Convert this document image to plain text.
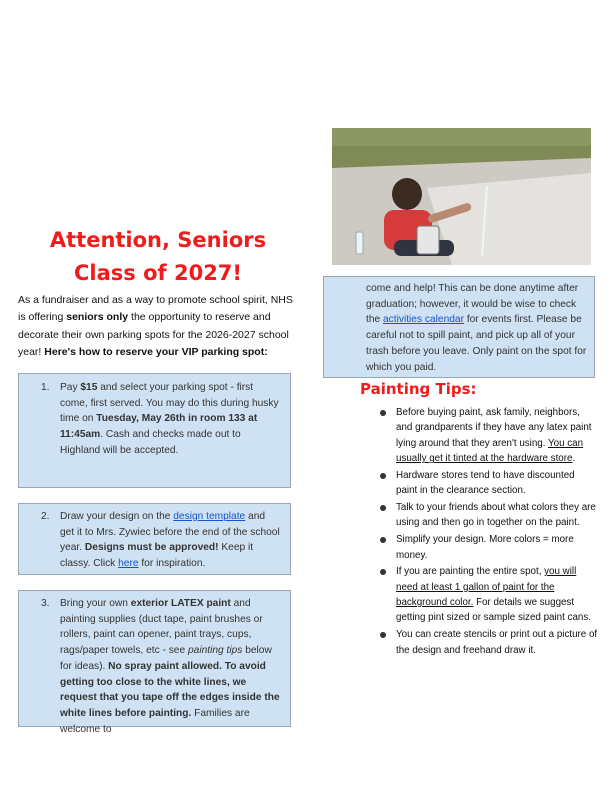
Attention, Seniors
Class of 2027!
As a fundraiser and as a way to promote school spirit, NHS is offering seniors only the opportunity to reserve and decorate their own parking spots for the 2026-2027 school year! Here's how to reserve your VIP parking spot:
1. Pay $15 and select your parking spot - first come, first served. You may do this during husky time on Tuesday, May 26th in room 133 at 11:45am. Cash and checks made out to Highland will be accepted.
2. Draw your design on the design template and get it to Mrs. Zywiec before the end of the school year. Designs must be approved! Keep it classy. Click here for inspiration.
3. Bring your own exterior LATEX paint and painting supplies (duct tape, paint brushes or rollers, paint can opener, paint trays, cups, rags/paper towels, etc - see painting tips below for ideas). No spray paint allowed. To avoid getting too close to the white lines, we request that you tape off the edges inside the white lines before painting. Families are welcome to
come and help! This can be done anytime after graduation; however, it would be wise to check the activities calendar for events first. Please be careful not to spill paint, and pick up all of your trash before you leave. Only paint on the spot for which you paid.
Painting Tips:
Before buying paint, ask family, neighbors, and grandparents if they have any latex paint lying around that they aren't using. You can usually get it tinted at the hardware store.
Hardware stores tend to have discounted paint in the clearance section.
Talk to your friends about what colors they are using and then go in together on the paint.
Simplify your design. More colors = more money.
If you are painting the entire spot, you will need at least 1 gallon of paint for the background color. For details we suggest getting pint sized or sample sized paint cans.
You can create stencils or print out a picture of the design and freehand draw it.
